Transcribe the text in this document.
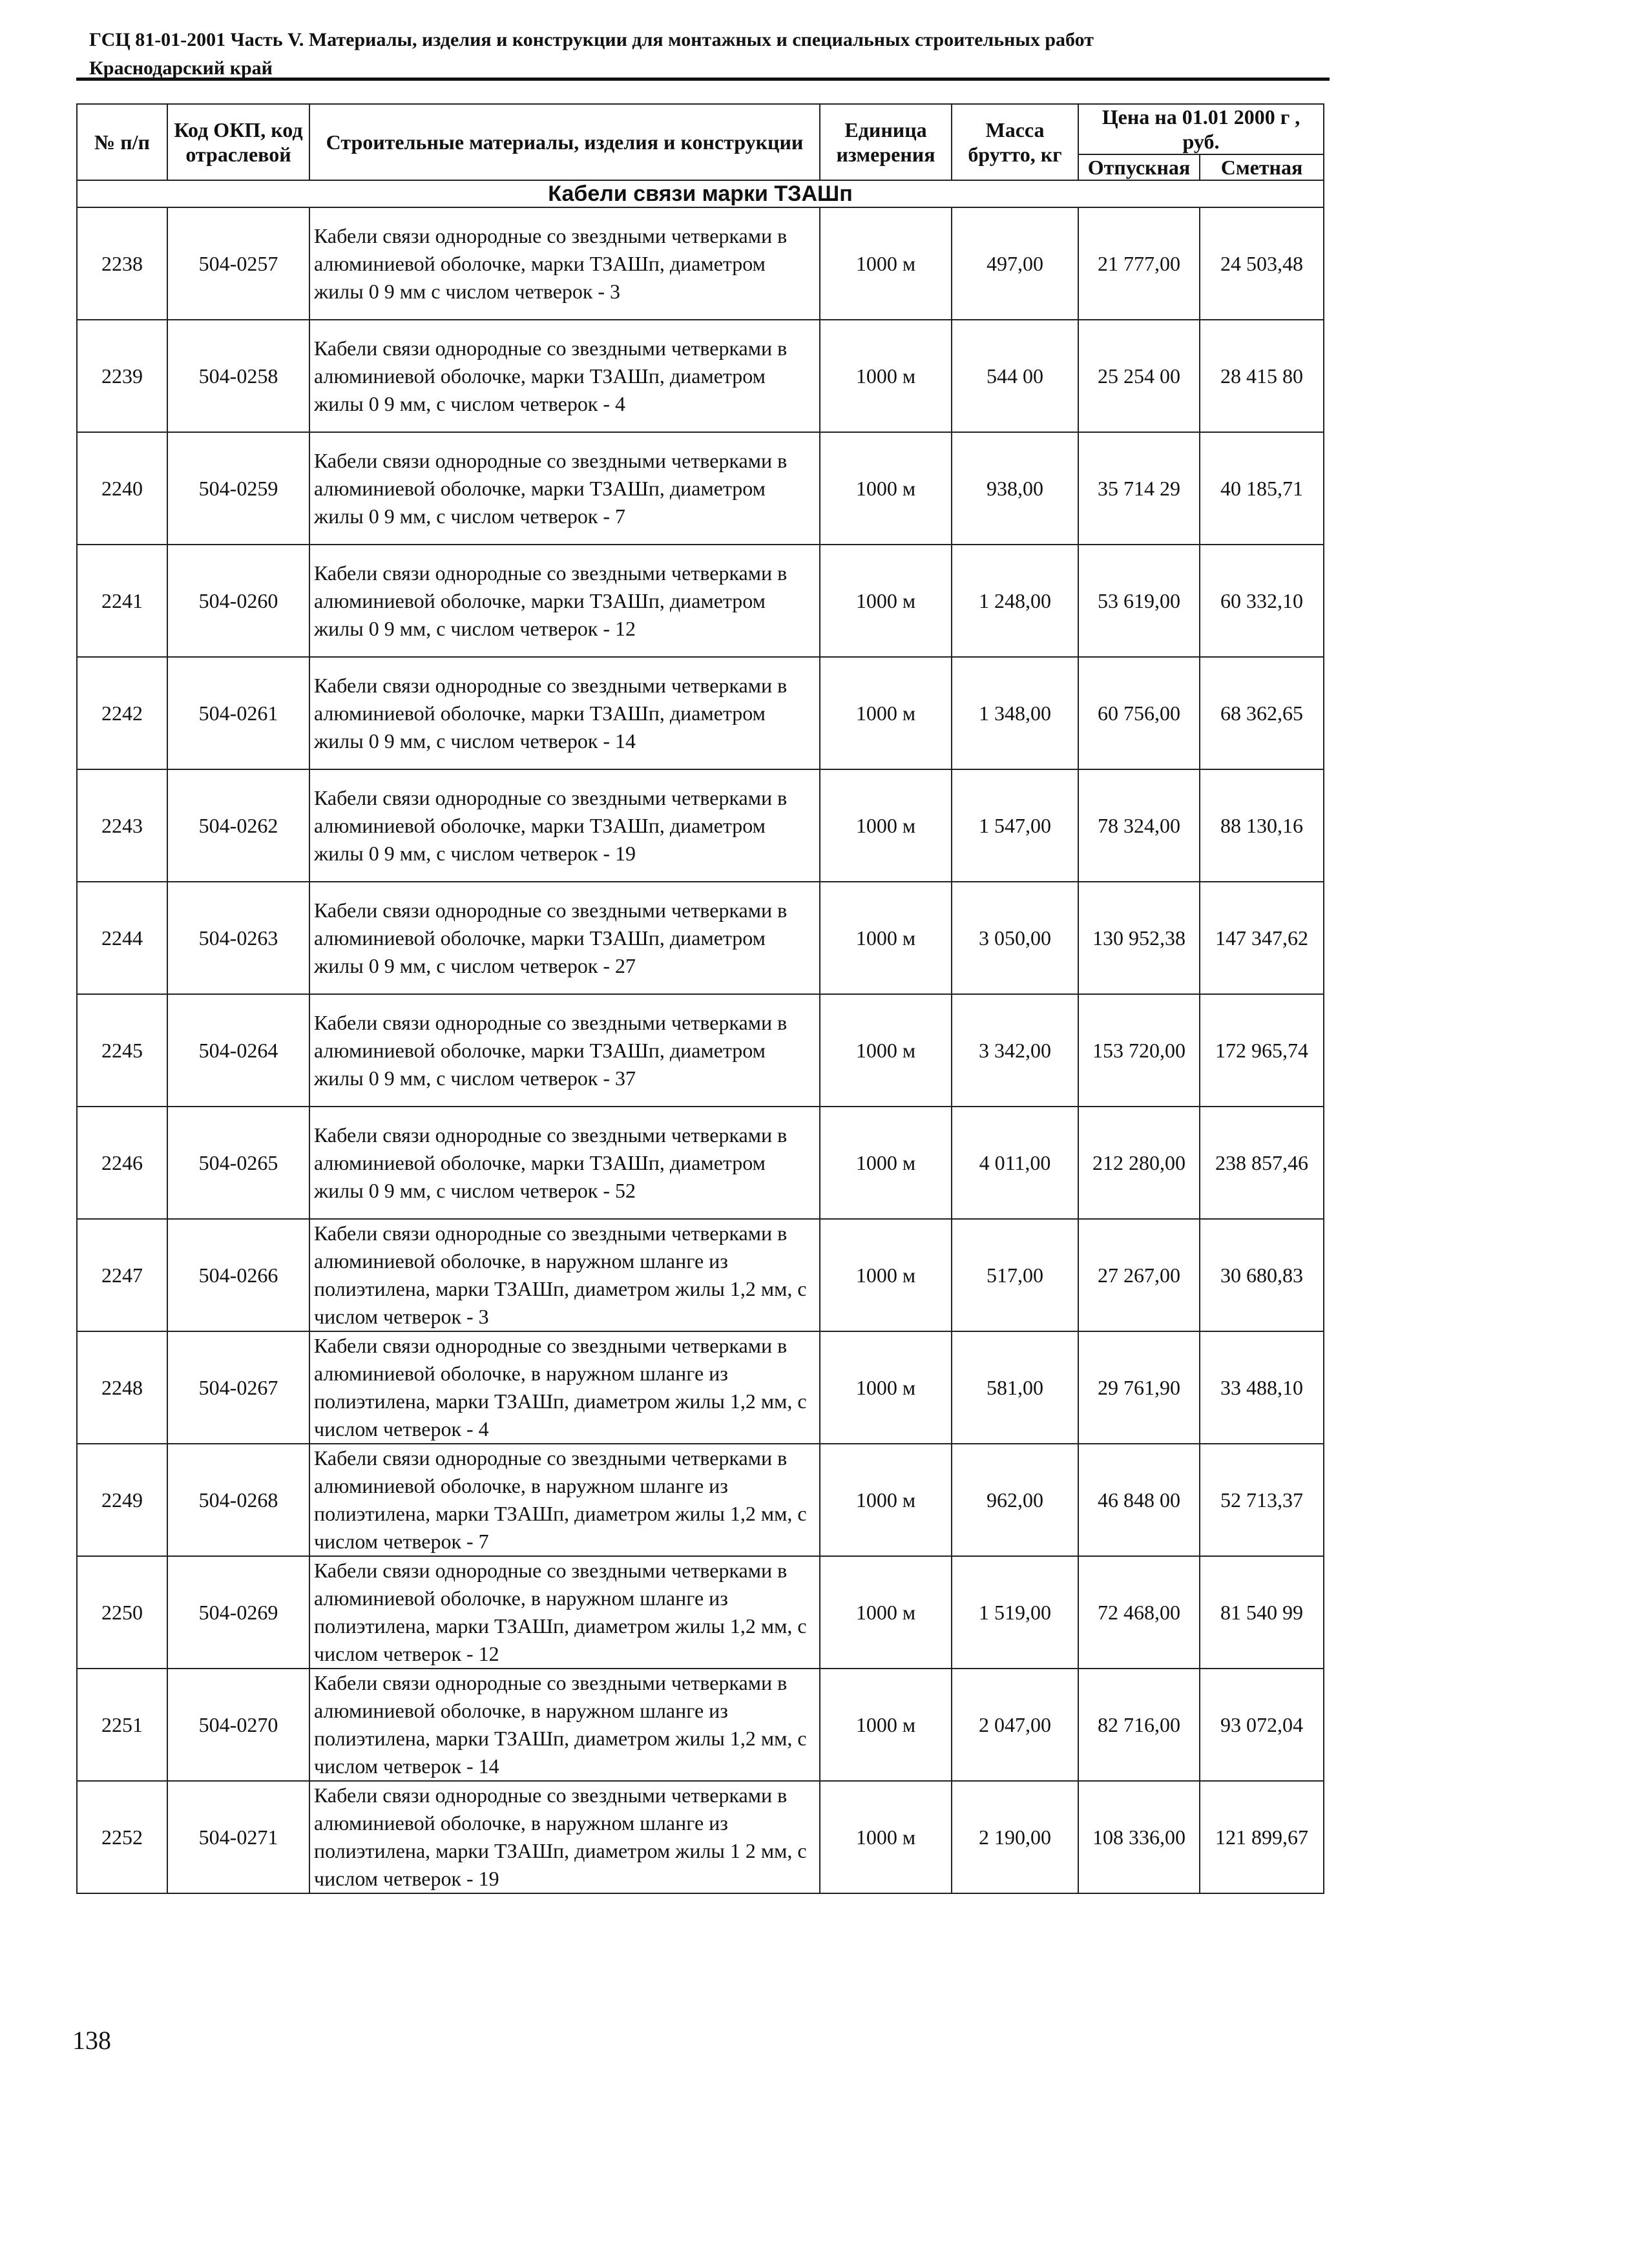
ГСЦ 81-01-2001 Часть V. Материалы, изделия и конструкции для монтажных и специальных строительных работ
Краснодарский край
№ п/п	Код ОКП, код отраслевой	Строительные материалы, изделия и конструкции	Единица измерения	Масса брутто, кг	Цена на 01.01 2000 г , руб.	
					Отпускная	Сметная
Кабели связи марки ТЗАШп						
2238	504-0257	Кабели связи однородные со звездными четверками в алюминиевой оболочке, марки ТЗАШп, диаметром жилы 0 9 мм с числом четверок - 3	1000 м	497,00	21 777,00	24 503,48
2239	504-0258	Кабели связи однородные со звездными четверками в алюминиевой оболочке, марки ТЗАШп, диаметром жилы 0 9 мм, с числом четверок - 4	1000 м	544 00	25 254 00	28 415 80
2240	504-0259	Кабели связи однородные со звездными четверками в алюминиевой оболочке, марки ТЗАШп, диаметром жилы 0 9 мм, с числом четверок - 7	1000 м	938,00	35 714 29	40 185,71
2241	504-0260	Кабели связи однородные со звездными четверками в алюминиевой оболочке, марки ТЗАШп, диаметром жилы 0 9 мм, с числом четверок - 12	1000 м	1 248,00	53 619,00	60 332,10
2242	504-0261	Кабели связи однородные со звездными четверками в алюминиевой оболочке, марки ТЗАШп, диаметром жилы 0 9 мм, с числом четверок - 14	1000 м	1 348,00	60 756,00	68 362,65
2243	504-0262	Кабели связи однородные со звездными четверками в алюминиевой оболочке, марки ТЗАШп, диаметром жилы 0 9 мм, с числом четверок - 19	1000 м	1 547,00	78 324,00	88 130,16
2244	504-0263	Кабели связи однородные со звездными четверками в алюминиевой оболочке, марки ТЗАШп, диаметром жилы 0 9 мм, с числом четверок - 27	1000 м	3 050,00	130 952,38	147 347,62
2245	504-0264	Кабели связи однородные со звездными четверками в алюминиевой оболочке, марки ТЗАШп, диаметром жилы 0 9 мм, с числом четверок - 37	1000 м	3 342,00	153 720,00	172 965,74
2246	504-0265	Кабели связи однородные со звездными четверками в алюминиевой оболочке, марки ТЗАШп, диаметром жилы 0 9 мм, с числом четверок - 52	1000 м	4 011,00	212 280,00	238 857,46
2247	504-0266	Кабели связи однородные со звездными четверками в алюминиевой оболочке, в наружном шланге из полиэтилена, марки ТЗАШп, диаметром жилы 1,2 мм, с числом четверок - 3	1000 м	517,00	27 267,00	30 680,83
2248	504-0267	Кабели связи однородные со звездными четверками в алюминиевой оболочке, в наружном шланге из полиэтилена, марки ТЗАШп, диаметром жилы 1,2 мм, с числом четверок - 4	1000 м	581,00	29 761,90	33 488,10
2249	504-0268	Кабели связи однородные со звездными четверками в алюминиевой оболочке, в наружном шланге из полиэтилена, марки ТЗАШп, диаметром жилы 1,2 мм, с числом четверок - 7	1000 м	962,00	46 848 00	52 713,37
2250	504-0269	Кабели связи однородные со звездными четверками в алюминиевой оболочке, в наружном шланге из полиэтилена, марки ТЗАШп, диаметром жилы 1,2 мм, с числом четверок - 12	1000 м	1 519,00	72 468,00	81 540 99
2251	504-0270	Кабели связи однородные со звездными четверками в алюминиевой оболочке, в наружном шланге из полиэтилена, марки ТЗАШп, диаметром жилы 1,2 мм, с числом четверок - 14	1000 м	2 047,00	82 716,00	93 072,04
2252	504-0271	Кабели связи однородные со звездными четверками в алюминиевой оболочке, в наружном шланге из полиэтилена, марки ТЗАШп, диаметром жилы 1 2 мм, с числом четверок - 19	1000 м	2 190,00	108 336,00	121 899,67
138
